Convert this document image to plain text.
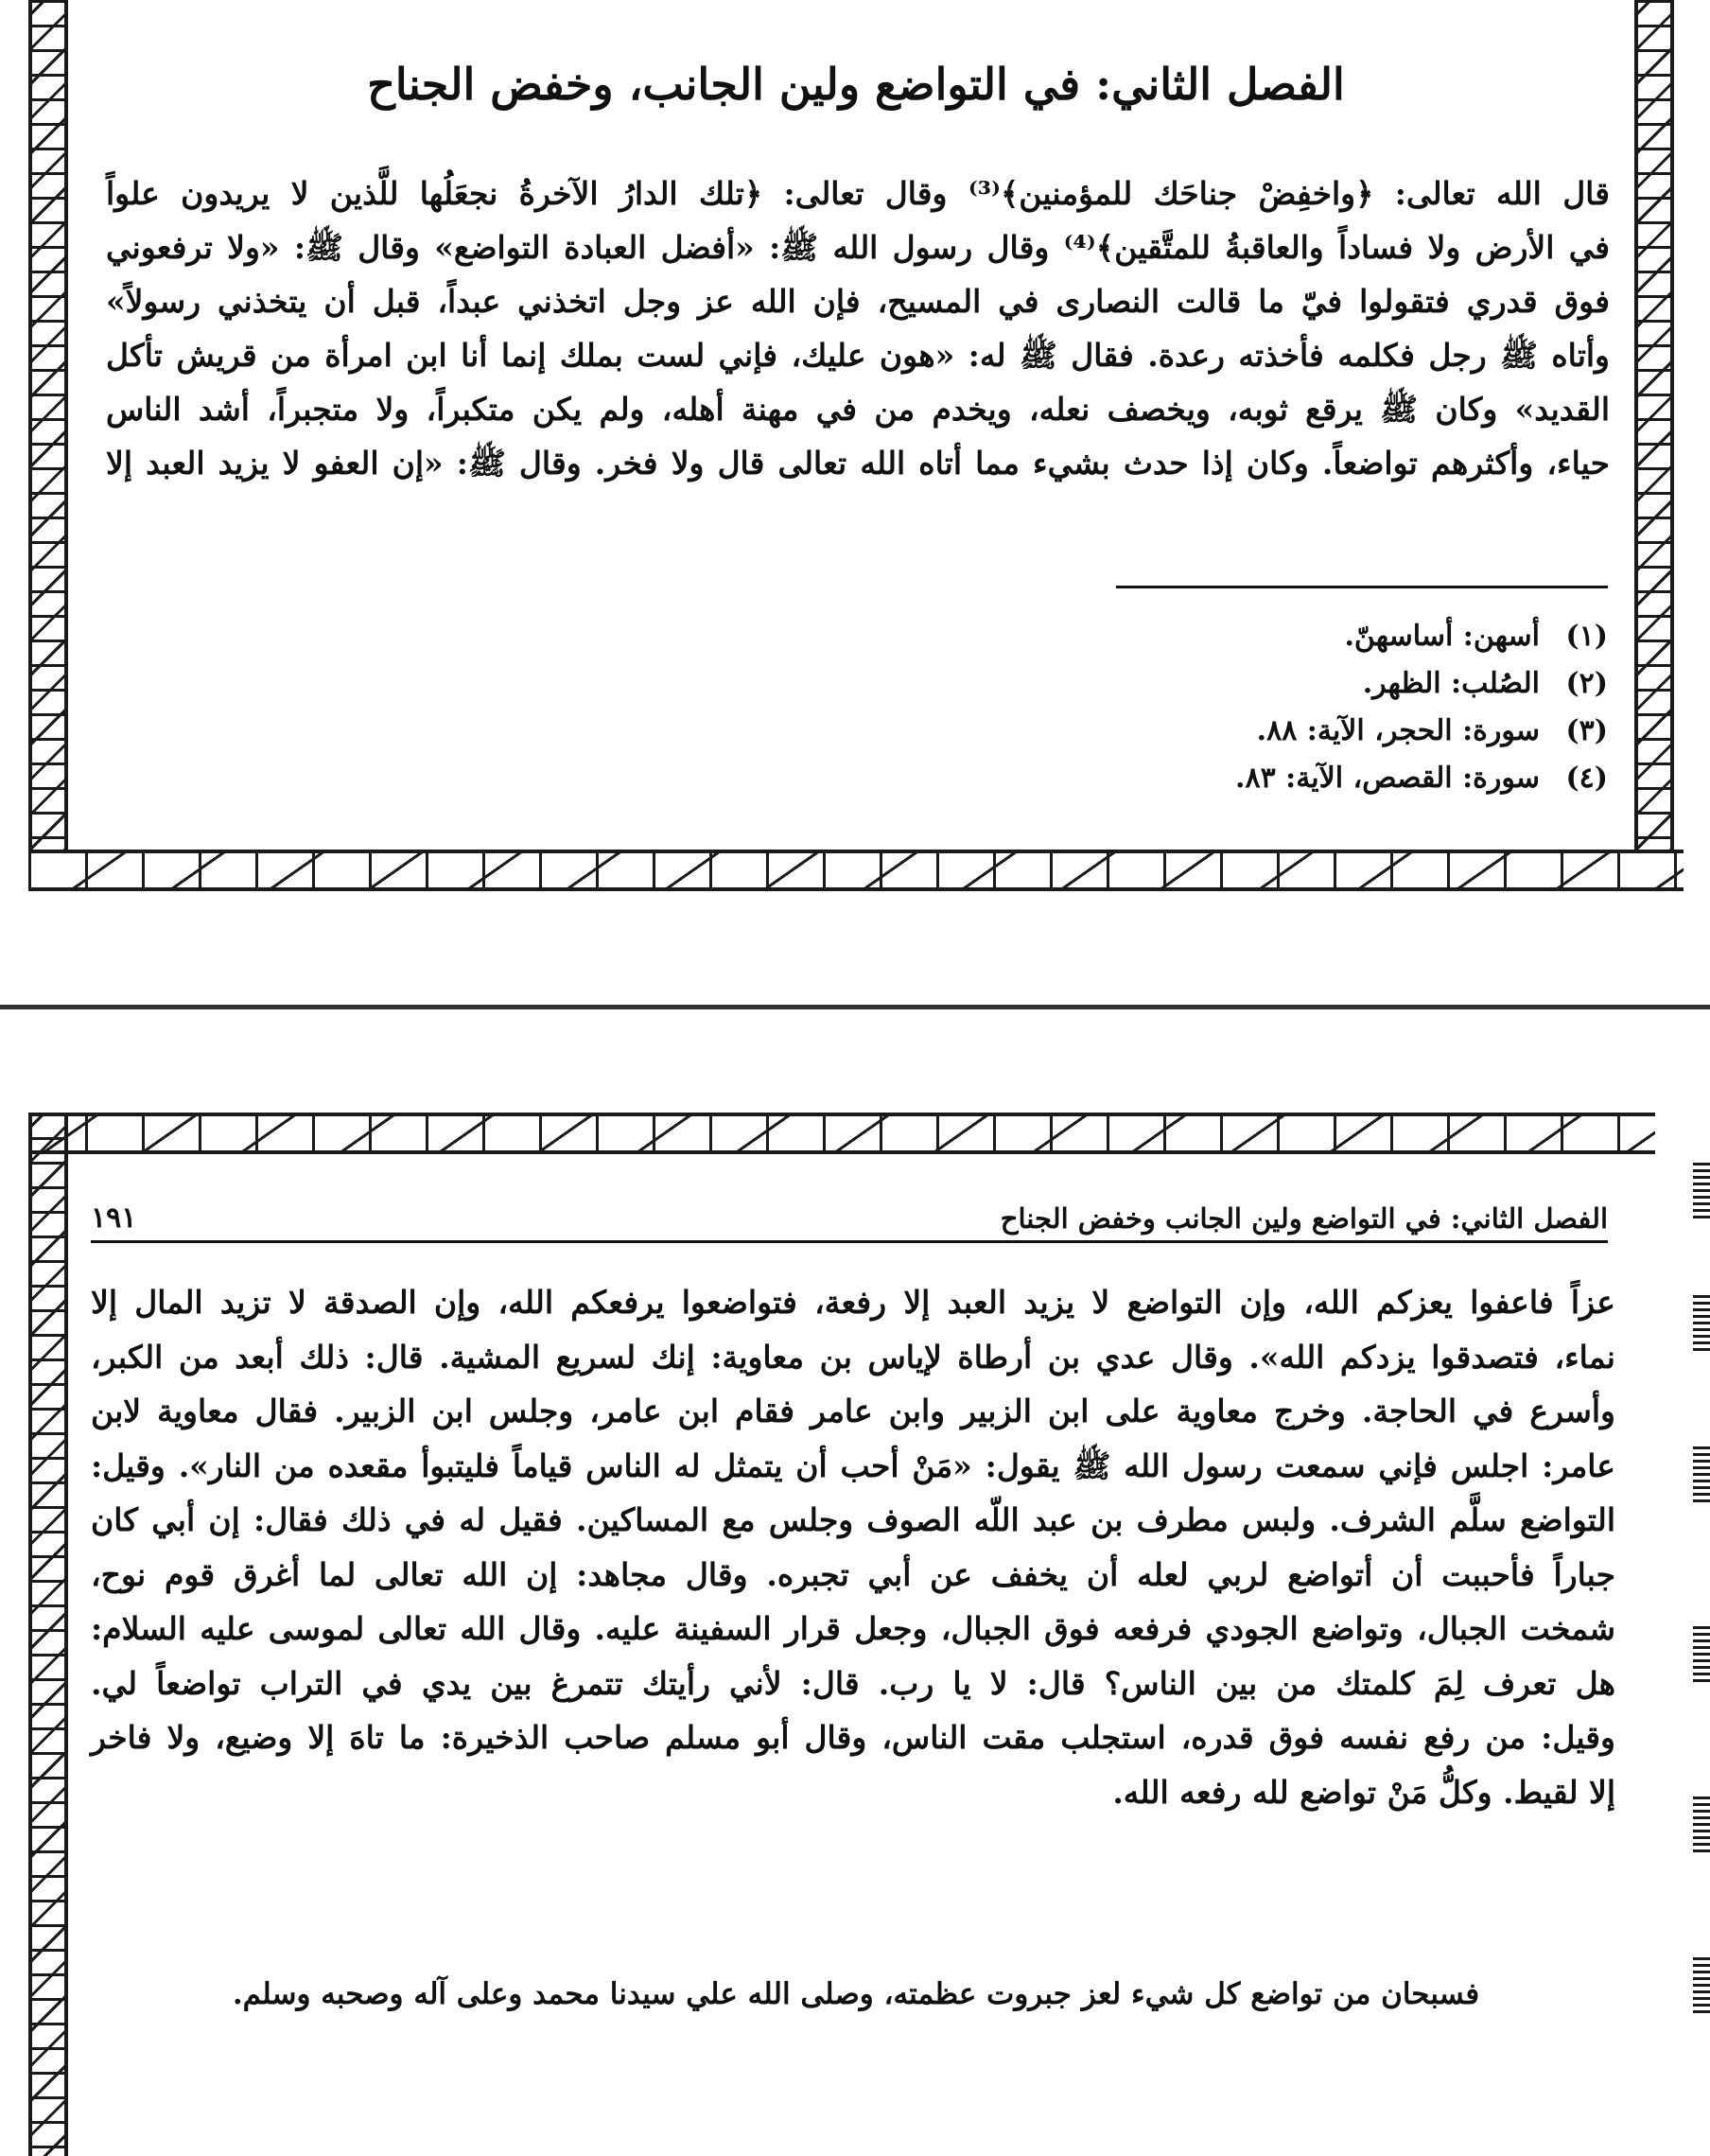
الفصل الثاني: في التواضع ولين الجانب، وخفض الجناح
قال الله تعالى: ﴿واخفِضْ جناحَك للمؤمنين﴾⁽³⁾ وقال تعالى: ﴿تلك الدارُ الآخرةُ نجعَلُها للَّذين لا يريدون علواً
في الأرض ولا فساداً والعاقبةُ للمتَّقين﴾⁽⁴⁾ وقال رسول الله ﷺ: «أفضل العبادة التواضع» وقال ﷺ: «ولا ترفعوني
فوق قدري فتقولوا فيّ ما قالت النصارى في المسيح، فإن الله عز وجل اتخذني عبداً، قبل أن يتخذني رسولاً»
وأتاه ﷺ رجل فكلمه فأخذته رعدة. فقال ﷺ له: «هون عليك، فإني لست بملك إنما أنا ابن امرأة من قريش تأكل
القديد» وكان ﷺ يرقع ثوبه، ويخصف نعله، ويخدم من في مهنة أهله، ولم يكن متكبراً، ولا متجبراً، أشد الناس
حياء، وأكثرهم تواضعاً. وكان إذا حدث بشيء مما أتاه الله تعالى قال ولا فخر. وقال ﷺ: «إن العفو لا يزيد العبد إلا
(١)
أسهن: أساسهنّ.
(٢)
الصُلب: الظهر.
(٣)
سورة: الحجر، الآية: ٨٨.
(٤)
سورة: القصص، الآية: ٨٣.
الفصل الثاني: في التواضع ولين الجانب وخفض الجناح
١٩١
عزاً فاعفوا يعزكم الله، وإن التواضع لا يزيد العبد إلا رفعة، فتواضعوا يرفعكم الله، وإن الصدقة لا تزيد المال إلا
نماء، فتصدقوا يزدكم الله». وقال عدي بن أرطاة لإياس بن معاوية: إنك لسريع المشية. قال: ذلك أبعد من الكبر،
وأسرع في الحاجة. وخرج معاوية على ابن الزبير وابن عامر فقام ابن عامر، وجلس ابن الزبير. فقال معاوية لابن
عامر: اجلس فإني سمعت رسول الله ﷺ يقول: «مَنْ أحب أن يتمثل له الناس قياماً فليتبوأ مقعده من النار». وقيل:
التواضع سلَّم الشرف. ولبس مطرف بن عبد اللّه الصوف وجلس مع المساكين. فقيل له في ذلك فقال: إن أبي كان
جباراً فأحببت أن أتواضع لربي لعله أن يخفف عن أبي تجبره. وقال مجاهد: إن الله تعالى لما أغرق قوم نوح،
شمخت الجبال، وتواضع الجودي فرفعه فوق الجبال، وجعل قرار السفينة عليه. وقال الله تعالى لموسى عليه السلام:
هل تعرف لِمَ كلمتك من بين الناس؟ قال: لا يا رب. قال: لأني رأيتك تتمرغ بين يدي في التراب تواضعاً لي.
وقيل: من رفع نفسه فوق قدره، استجلب مقت الناس، وقال أبو مسلم صاحب الذخيرة: ما تاهَ إلا وضيع، ولا فاخر
إلا لقيط. وكلُّ مَنْ تواضع لله رفعه الله.
فسبحان من تواضع كل شيء لعز جبروت عظمته، وصلى الله علي سيدنا محمد وعلى آله وصحبه وسلم.
